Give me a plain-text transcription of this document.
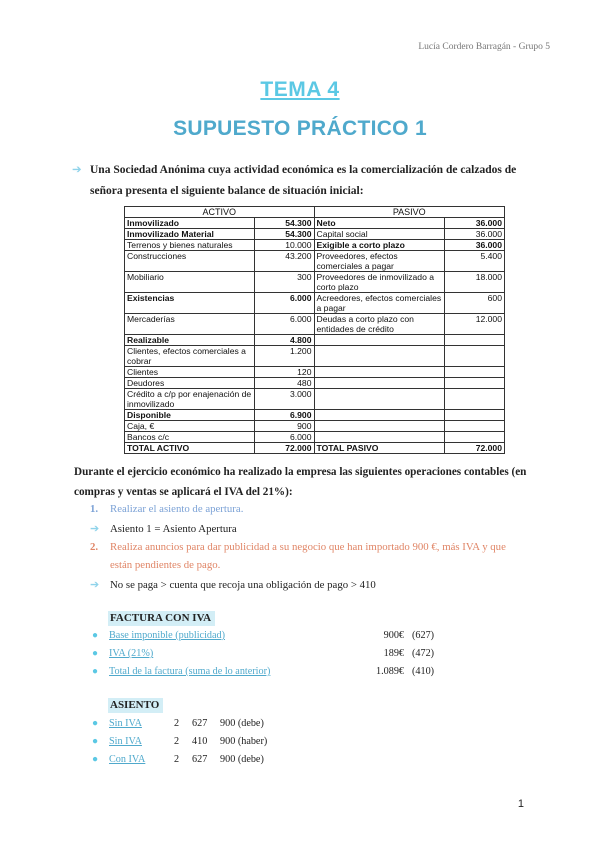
Lucía Cordero Barragán - Grupo 5
TEMA 4
SUPUESTO PRÁCTICO 1
➔ Una Sociedad Anónima cuya actividad económica es la comercialización de calzados de señora presenta el siguiente balance de situación inicial:
ACTIVO		PASIVO	
Inmovilizado	54.300	Neto	36.000
Inmovilizado Material	54.300	Capital social	36.000
Terrenos y bienes naturales	10.000	Exigible a corto plazo	36.000
Construcciones	43.200	Proveedores, efectos comerciales a pagar	5.400
Mobiliario	300	Proveedores de inmovilizado a corto plazo	18.000
Existencias	6.000	Acreedores, efectos comerciales a pagar	600
Mercaderías	6.000	Deudas a corto plazo con entidades de crédito	12.000
Realizable	4.800		
Clientes, efectos comerciales a cobrar	1.200		
Clientes	120		
Deudores	480		
Crédito a c/p por enajenación de inmovilizado	3.000		
Disponible	6.900		
Caja, €	900		
Bancos c/c	6.000		
TOTAL ACTIVO	72.000	TOTAL PASIVO	72.000
Durante el ejercicio económico ha realizado la empresa las siguientes operaciones contables (en compras y ventas se aplicará el IVA del 21%):
1. Realizar el asiento de apertura.
➔ Asiento 1 = Asiento Apertura
2. Realiza anuncios para dar publicidad a su negocio que han importado 900 €, más IVA y que están pendientes de pago.
➔ No se paga > cuenta que recoja una obligación de pago > 410
FACTURA CON IVA
● Base imponible (publicidad)	900€ (627)
● IVA (21%)	189€ (472)
● Total de la factura (suma de lo anterior)	1.089€ (410)
ASIENTO
● Sin IVA	2 627 900 (debe)
● Sin IVA	2 410 900 (haber)
● Con IVA	2 627 900 (debe)
1
